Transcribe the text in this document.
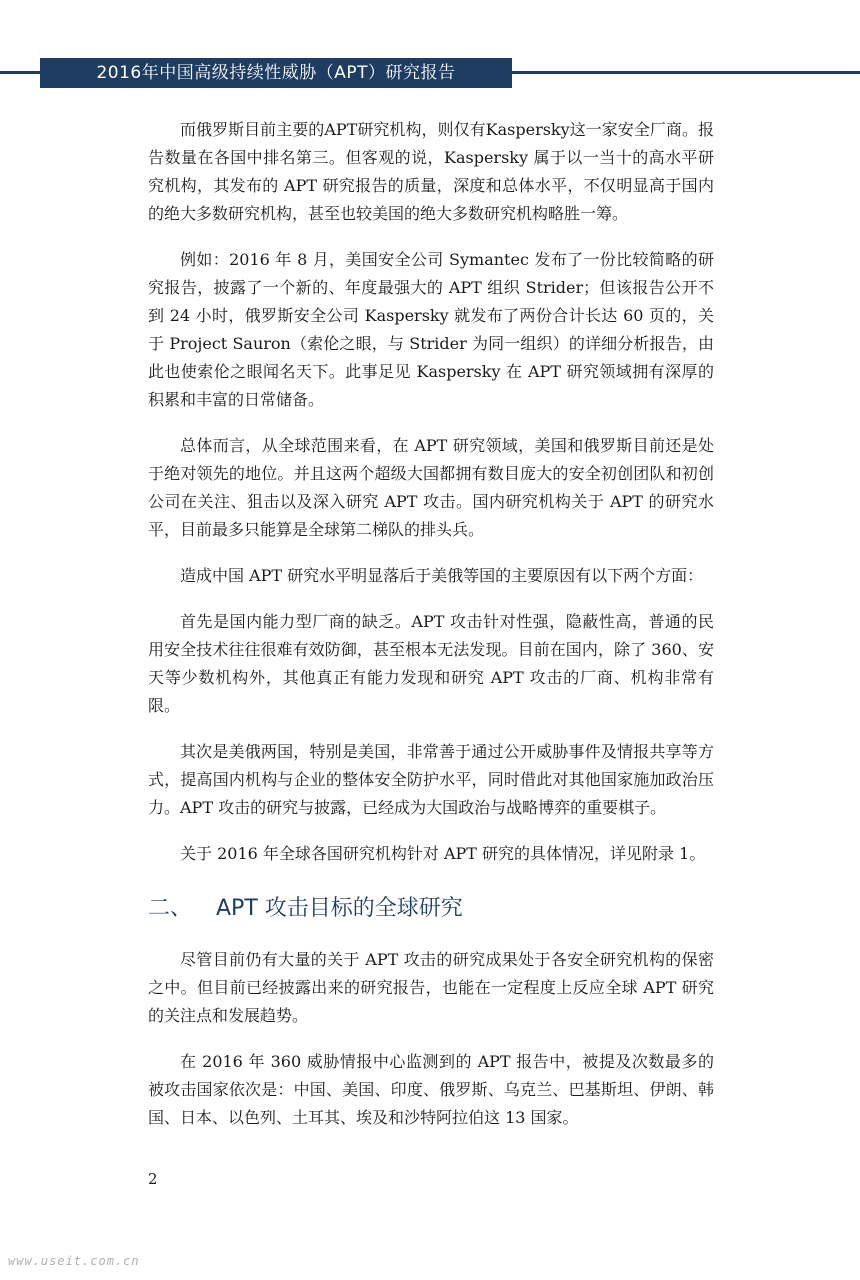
2016年中国高级持续性威胁（APT）研究报告

而俄罗斯目前主要的APT研究机构，则仅有Kaspersky这一家安全厂商。报告数量在各国中排名第三。但客观的说，Kaspersky 属于以一当十的高水平研究机构，其发布的 APT 研究报告的质量，深度和总体水平，不仅明显高于国内的绝大多数研究机构，甚至也较美国的绝大多数研究机构略胜一筹。

例如：2016 年 8 月，美国安全公司 Symantec 发布了一份比较简略的研究报告，披露了一个新的、年度最强大的 APT 组织 Strider；但该报告公开不到 24 小时，俄罗斯安全公司 Kaspersky 就发布了两份合计长达 60 页的，关于 Project Sauron（索伦之眼，与 Strider 为同一组织）的详细分析报告，由此也使索伦之眼闻名天下。此事足见 Kaspersky 在 APT 研究领域拥有深厚的积累和丰富的日常储备。

总体而言，从全球范围来看，在 APT 研究领域，美国和俄罗斯目前还是处于绝对领先的地位。并且这两个超级大国都拥有数目庞大的安全初创团队和初创公司在关注、狙击以及深入研究 APT 攻击。国内研究机构关于 APT 的研究水平，目前最多只能算是全球第二梯队的排头兵。

造成中国 APT 研究水平明显落后于美俄等国的主要原因有以下两个方面：

首先是国内能力型厂商的缺乏。APT 攻击针对性强，隐蔽性高，普通的民用安全技术往往很难有效防御，甚至根本无法发现。目前在国内，除了 360、安天等少数机构外，其他真正有能力发现和研究 APT 攻击的厂商、机构非常有限。

其次是美俄两国，特别是美国，非常善于通过公开威胁事件及情报共享等方式，提高国内机构与企业的整体安全防护水平，同时借此对其他国家施加政治压力。APT 攻击的研究与披露，已经成为大国政治与战略博弈的重要棋子。

关于 2016 年全球各国研究机构针对 APT 研究的具体情况，详见附录 1。

二、	APT 攻击目标的全球研究

尽管目前仍有大量的关于 APT 攻击的研究成果处于各安全研究机构的保密之中。但目前已经披露出来的研究报告，也能在一定程度上反应全球 APT 研究的关注点和发展趋势。

在 2016 年 360 威胁情报中心监测到的 APT 报告中，被提及次数最多的被攻击国家依次是：中国、美国、印度、俄罗斯、乌克兰、巴基斯坦、伊朗、韩国、日本、以色列、土耳其、埃及和沙特阿拉伯这 13 国家。

2
www.useit.com.cn
